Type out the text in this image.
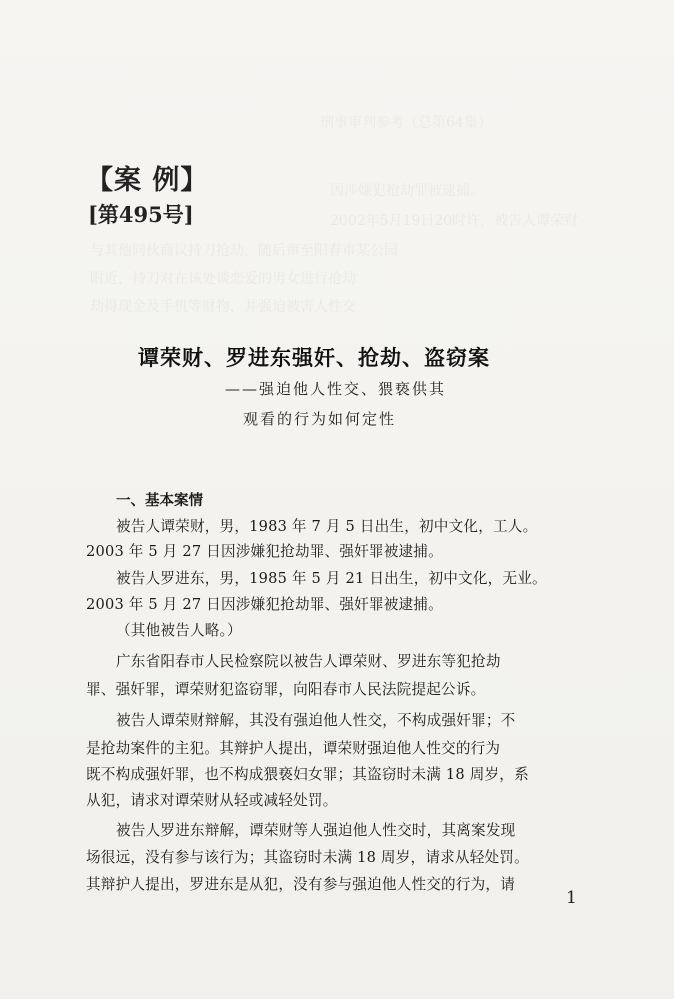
刑事审判参考（总第64集）
因涉嫌犯抢劫罪被逮捕。
2002年5月19日20时许，被告人谭荣财
与其他同伙商议持刀抢劫，随后窜至阳春市某公园
附近，持刀对在该处谈恋爱的男女进行抢劫
劫得现金及手机等财物，并强迫被害人性交
【案 例】
[第495号]
谭荣财、罗进东强奸、抢劫、盗窃案
——强迫他人性交、猥亵供其
观看的行为如何定性
一、基本案情
被告人谭荣财，男，1983 年 7 月 5 日出生，初中文化，工人。
2003 年 5 月 27 日因涉嫌犯抢劫罪、强奸罪被逮捕。
被告人罗进东，男，1985 年 5 月 21 日出生，初中文化，无业。
2003 年 5 月 27 日因涉嫌犯抢劫罪、强奸罪被逮捕。
（其他被告人略。）
广东省阳春市人民检察院以被告人谭荣财、罗进东等犯抢劫
罪、强奸罪，谭荣财犯盗窃罪，向阳春市人民法院提起公诉。
被告人谭荣财辩解，其没有强迫他人性交，不构成强奸罪；不
是抢劫案件的主犯。其辩护人提出，谭荣财强迫他人性交的行为
既不构成强奸罪，也不构成猥亵妇女罪；其盗窃时未满 18 周岁，系
从犯，请求对谭荣财从轻或减轻处罚。
被告人罗进东辩解，谭荣财等人强迫他人性交时，其离案发现
场很远，没有参与该行为；其盗窃时未满 18 周岁，请求从轻处罚。
其辩护人提出，罗进东是从犯，没有参与强迫他人性交的行为，请
1
